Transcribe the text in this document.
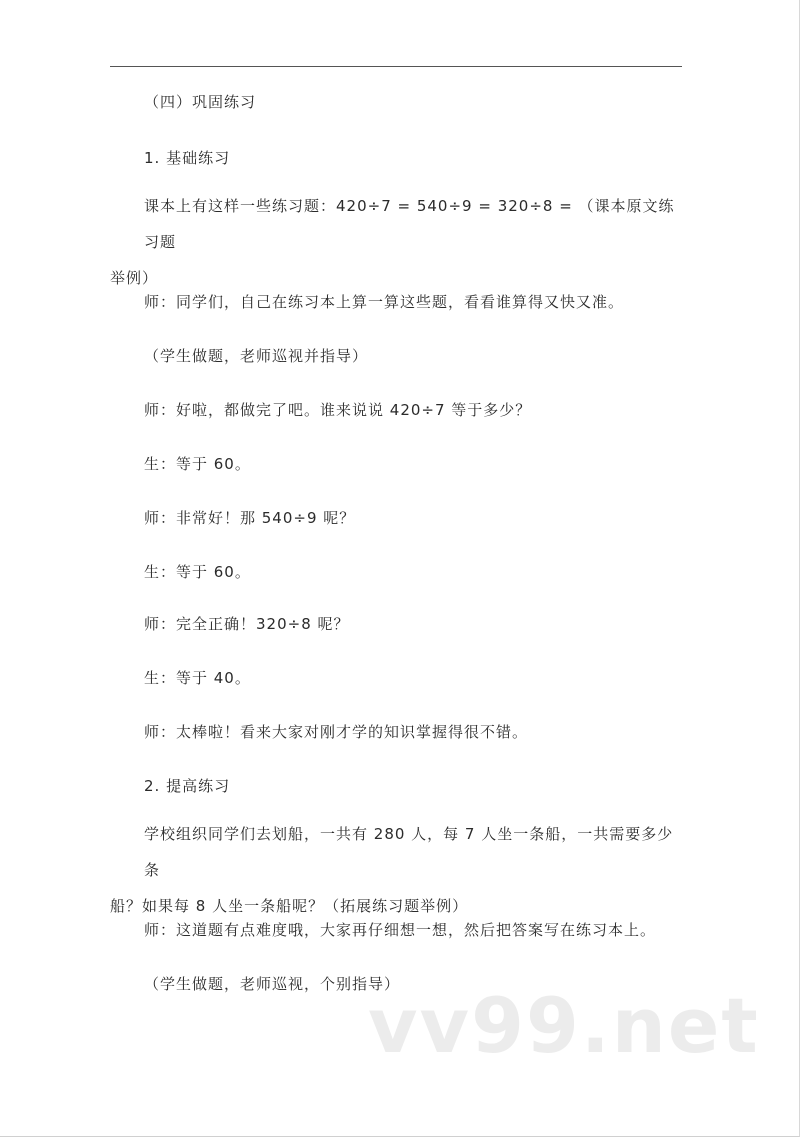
（四）巩固练习

1. 基础练习

课本上有这样一些练习题：420÷7 = 540÷9 = 320÷8 = （课本原文练习题
举例）

师：同学们，自己在练习本上算一算这些题，看看谁算得又快又准。

（学生做题，老师巡视并指导）

师：好啦，都做完了吧。谁来说说 420÷7 等于多少？

生：等于 60。

师：非常好！那 540÷9 呢？

生：等于 60。

师：完全正确！320÷8 呢？

生：等于 40。

师：太棒啦！看来大家对刚才学的知识掌握得很不错。

2. 提高练习

学校组织同学们去划船，一共有 280 人，每 7 人坐一条船，一共需要多少条
船？如果每 8 人坐一条船呢？（拓展练习题举例）

师：这道题有点难度哦，大家再仔细想一想，然后把答案写在练习本上。

（学生做题，老师巡视，个别指导）

vv99.net
